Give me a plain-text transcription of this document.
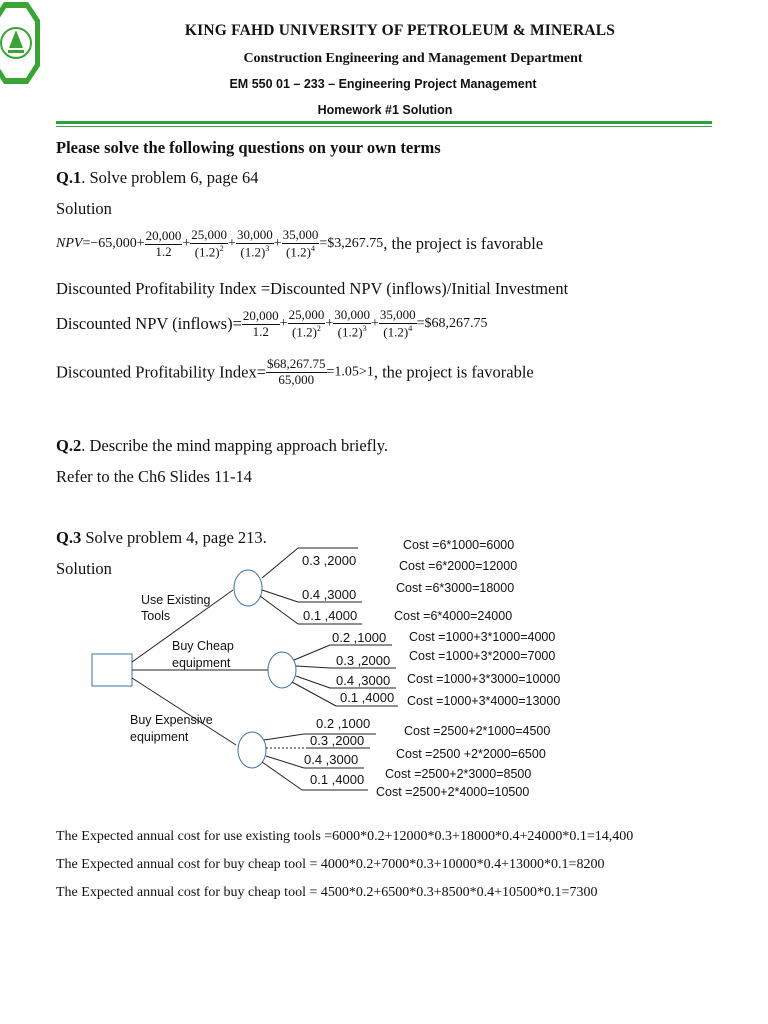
KING FAHD UNIVERSITY OF PETROLEUM & MINERALS
Construction Engineering and Management Department
EM 550 01 – 233 – Engineering Project Management
Homework #1 Solution
Please solve the following questions on your own terms
Q.1. Solve problem 6, page 64
Solution
$NPV=-65,000+ \frac{20,000}{1.2} + \frac{25,000}{(1.2)^2} + \frac{30,000}{(1.2)^3} + \frac{35,000}{(1.2)^4}$ =$3,267.75, the project is favorable
Discounted Profitability Index =Discounted NPV (inflows)/Initial Investment
Discounted NPV (inflows)= $\frac{20,000}{1.2} + \frac{25,000}{(1.2)^2} + \frac{30,000}{(1.2)^3} + \frac{35,000}{(1.2)^4}$ =$68,267.75
Discounted Profitability Index= $\frac{\$68,267.75}{65,000} =1.05>1$, the project is favorable
Q.2. Describe the mind mapping approach briefly.
Refer to the Ch6 Slides 11-14
Q.3 Solve problem 4, page 213.
Solution
Use Existing
Tools
Buy Cheap
equipment
Buy Expensive
equipment
0.3 ,2000
0.4 ,3000
0.1 ,4000
0.2 ,1000
0.3 ,2000
0.4 ,3000
0.1 ,4000
0.2 ,1000
0.3 ,2000
0.4 ,3000
0.1 ,4000
Cost =6*1000=6000
Cost =6*2000=12000
Cost =6*3000=18000
Cost =6*4000=24000
Cost =1000+3*1000=4000
Cost =1000+3*2000=7000
Cost =1000+3*3000=10000
Cost =1000+3*4000=13000
Cost =2500+2*1000=4500
Cost =2500 +2*2000=6500
Cost =2500+2*3000=8500
Cost =2500+2*4000=10500
The Expected annual cost for use existing tools =6000*0.2+12000*0.3+18000*0.4+24000*0.1=14,400
The Expected annual cost for buy cheap tool = 4000*0.2+7000*0.3+10000*0.4+13000*0.1=8200
The Expected annual cost for buy cheap tool = 4500*0.2+6500*0.3+8500*0.4+10500*0.1=7300
